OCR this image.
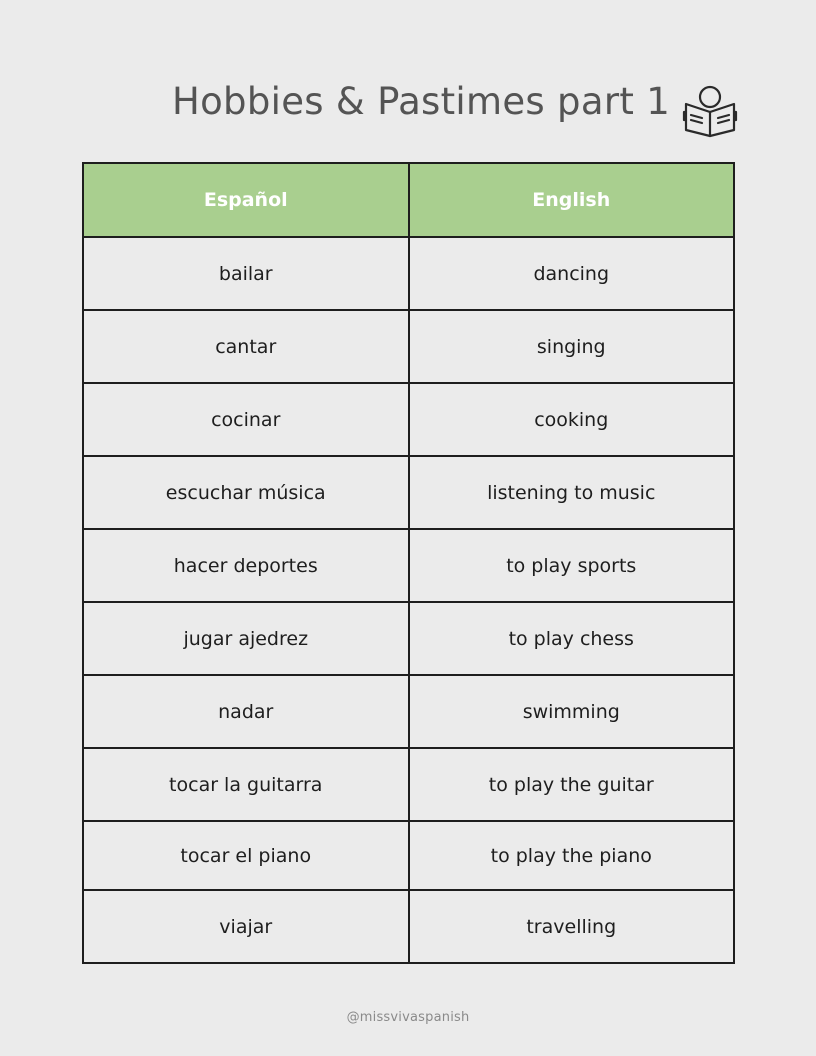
Hobbies & Pastimes part 1
Español	English
bailar	dancing
cantar	singing
cocinar	cooking
escuchar música	listening to music
hacer deportes	to play sports
jugar ajedrez	to play chess
nadar	swimming
tocar la guitarra	to play the guitar
tocar el piano	to play the piano
viajar	travelling
@missvivaspanish
